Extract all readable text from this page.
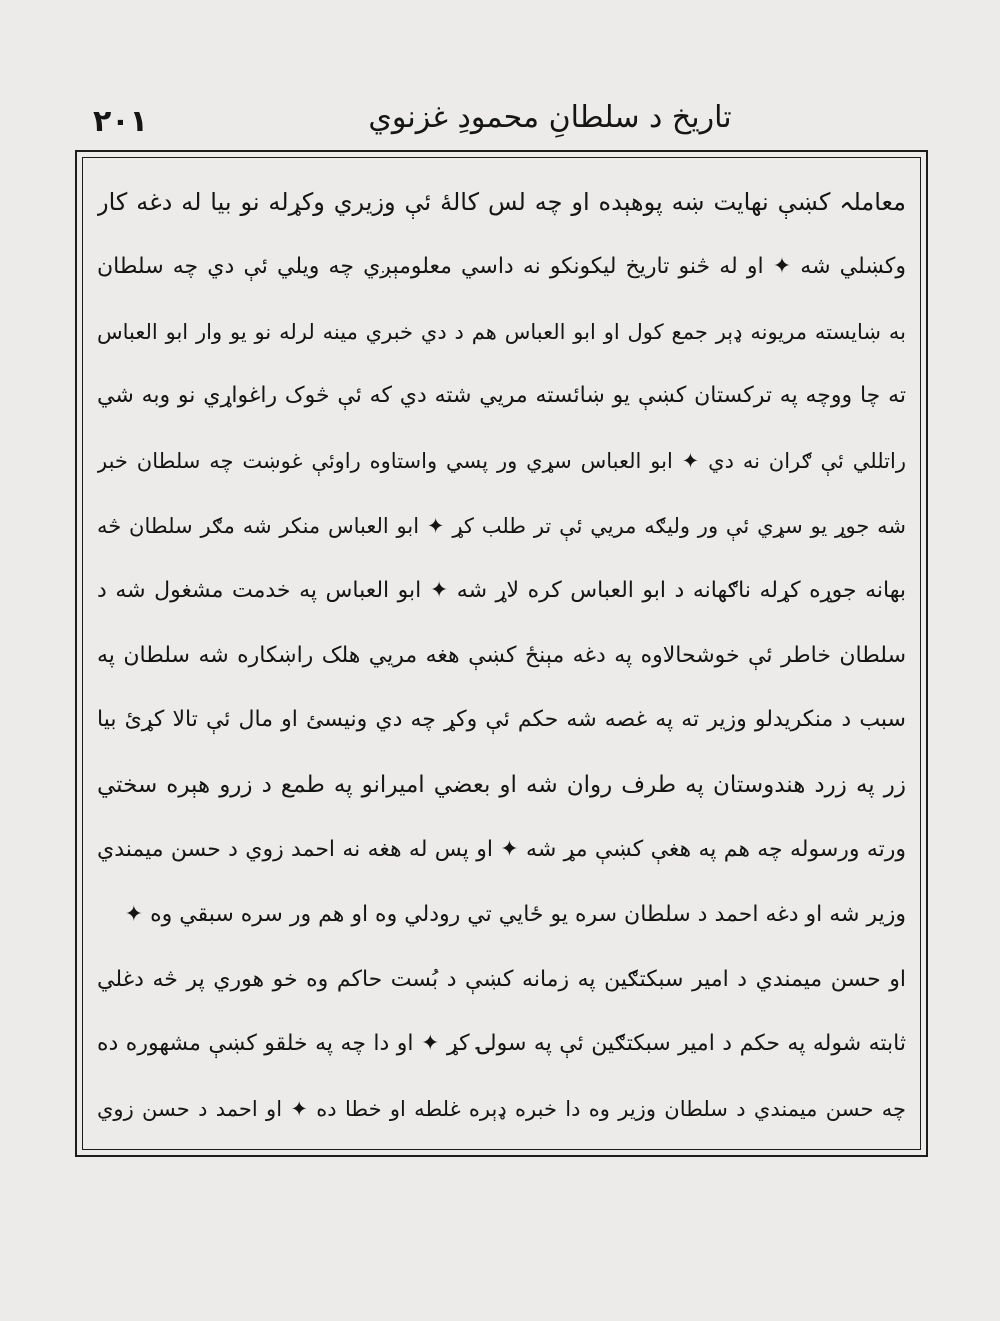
۲۰۱	تاريخ د سلطانِ محمودِ غزنوي
معاملہ کښې نهايت ښه پوهېده او چه لس کالهٔ ئې وزيري وکړله نو بيا له دغه کار
وکښلي شه ✦ او له څنو تاريخ ليکونکو نه داسي معلومېږي چه ويلي ئې دي چه سلطان
به ښايسته مريونه ډېر جمع کول او ابو العباس هم د دي خبري مينه لرله نو يو وار ابو العباس
ته چا ووچه په ترکستان کښې يو ښائسته مريي شته دي که ئې څوک راغواړي نو وبه شي
راتللي ئې ګران نه دي ✦ ابو العباس سړي ور پسي واستاوه راوئې غوښت چه سلطان خبر
شه جوړ يو سړي ئې ور وليګه مريي ئې تر طلب کړ ✦ ابو العباس منکر شه مګر سلطان څه
بهانه جوړه کړله ناګهانه د ابو العباس کره لاړ شه ✦ ابو العباس په خدمت مشغول شه د
سلطان خاطر ئې خوشحالاوه په دغه مېنځ کښې هغه مريي هلک راښکاره شه سلطان په
سبب د منکريدلو وزير ته په غصه شه حکم ئې وکړ چه دي ونيسئ او مال ئې تالا کړئ بيا
زر په زرد هندوستان په طرف روان شه او بعضي اميرانو په طمع د زرو هېره سختي
ورته ورسوله چه هم په هغې کښې مړ شه ✦ او پس له هغه نه احمد زوي د حسن ميمندي
وزير شه او دغه احمد د سلطان سره يو ځايي تي رودلي وه او هم ور سره سبقي وه ✦
او حسن ميمندي د امير سبکتګين په زمانه کښې د بُست حاکم وه خو هوري پر څه دغلي
ثابته شوله په حکم د امير سبکتګين ئې په سولۍ کړ ✦ او دا چه په خلقو کښې مشهوره ده
چه حسن ميمندي د سلطان وزير وه دا خبره ډېره غلطه او خطا ده ✦ او احمد د حسن زوي
